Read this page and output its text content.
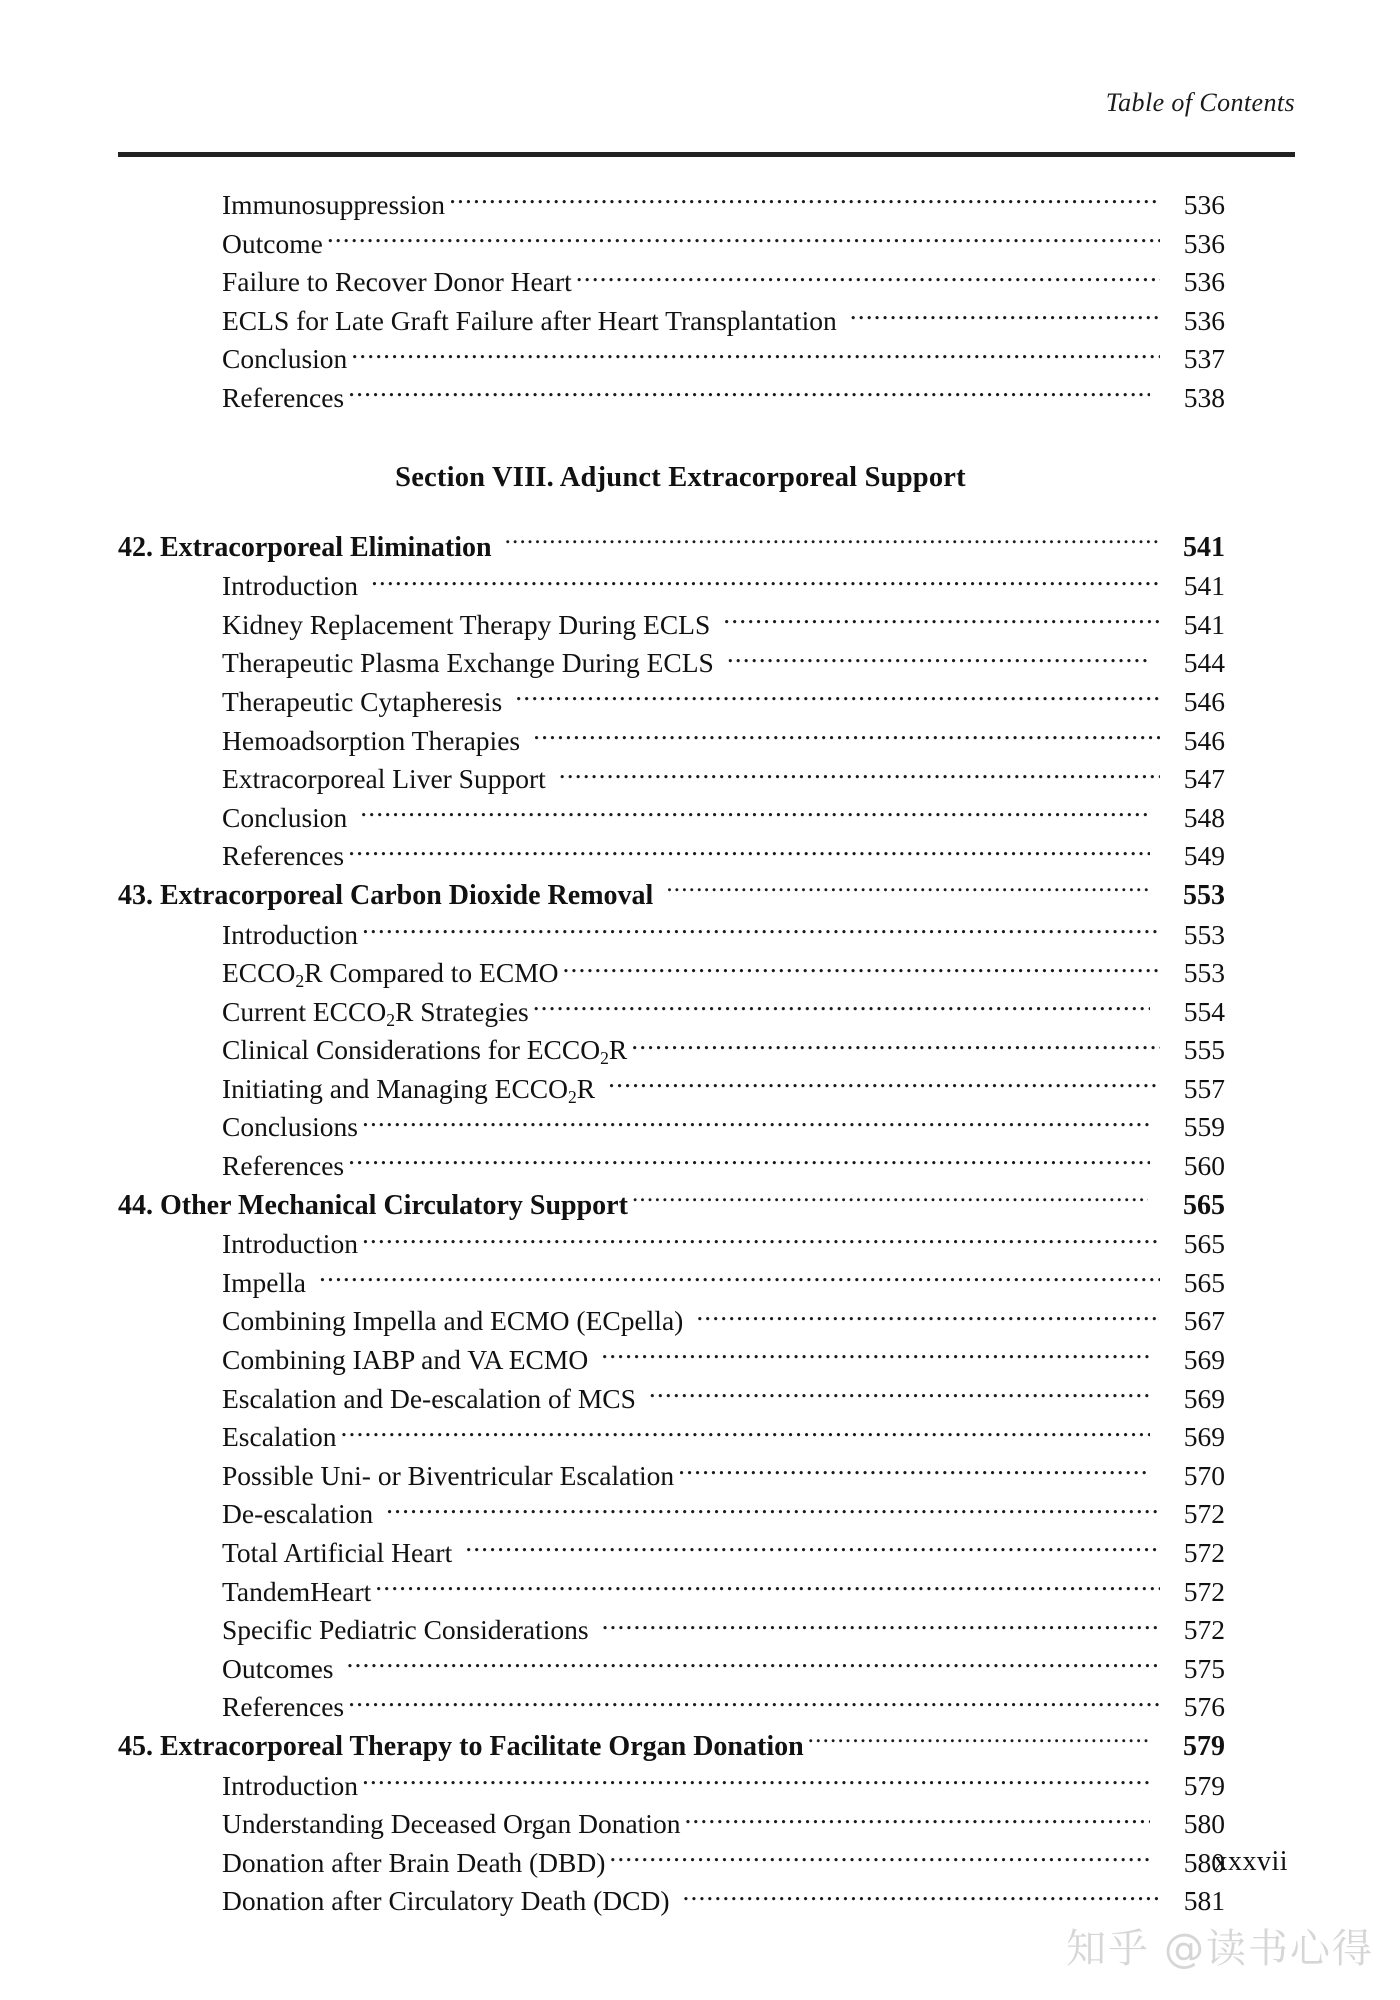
Table of Contents
Immunosuppression .....	536
Outcome .....	536
Failure to Recover Donor Heart .....	536
ECLS for Late Graft Failure after Heart Transplantation .....	536
Conclusion .....	537
References .....	538
Section VIII. Adjunct Extracorporeal Support
42. Extracorporeal Elimination .....	541
Introduction .....	541
Kidney Replacement Therapy During ECLS .....	541
Therapeutic Plasma Exchange During ECLS .....	544
Therapeutic Cytapheresis .....	546
Hemoadsorption Therapies .....	546
Extracorporeal Liver Support .....	547
Conclusion .....	548
References .....	549
43. Extracorporeal Carbon Dioxide Removal .....	553
Introduction .....	553
$ECCO_2R$ Compared to ECMO .....	553
Current $ECCO_2R$ Strategies .....	554
Clinical Considerations for $ECCO_2R$ .....	555
Initiating and Managing $ECCO_2R$ .....	557
Conclusions .....	559
References .....	560
44. Other Mechanical Circulatory Support .....	565
Introduction .....	565
Impella .....	565
Combining Impella and ECMO (ECpella) .....	567
Combining IABP and VA ECMO .....	569
Escalation and De-escalation of MCS .....	569
Escalation .....	569
Possible Uni- or Biventricular Escalation .....	570
De-escalation .....	572
Total Artificial Heart .....	572
TandemHeart .....	572
Specific Pediatric Considerations .....	572
Outcomes .....	575
References .....	576
45. Extracorporeal Therapy to Facilitate Organ Donation .....	579
Introduction .....	579
Understanding Deceased Organ Donation .....	580
Donation after Brain Death (DBD) .....	580
Donation after Circulatory Death (DCD) .....	581
xxxvii
知乎 @读书心得
